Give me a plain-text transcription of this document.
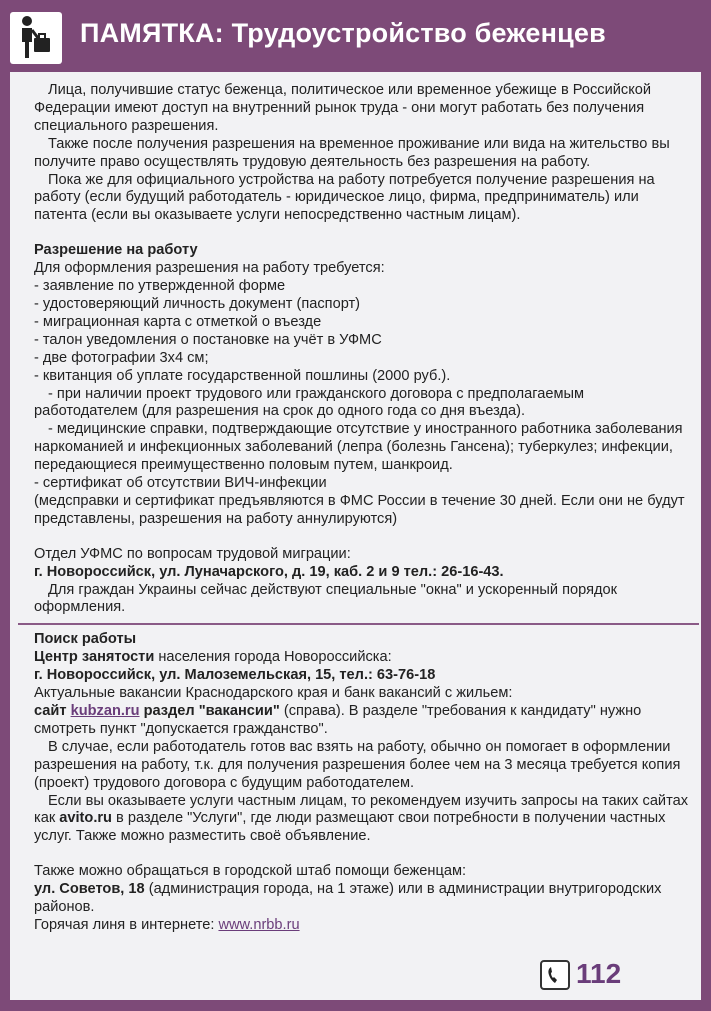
ПАМЯТКА: Трудоустройство беженцев

Лица, получившие статус беженца, политическое или временное убежище в Российской Федерации имеют доступ на внутренний рынок труда - они могут работать без получения специального разрешения.

Также после получения разрешения на временное проживание или вида на жительство вы получите право осуществлять трудовую деятельность без разрешения на работу.

Пока же для официального устройства на работу потребуется получение разрешения на работу (если будущий работодатель - юридическое лицо, фирма, предприниматель) или патента (если вы оказываете услуги непосредственно частным лицам).

Разрешение на работу

Для оформления разрешения на работу требуется:

- заявление по утвержденной форме

- удостоверяющий личность документ (паспорт)

- миграционная карта с отметкой о въезде

- талон уведомления о постановке на учёт в УФМС

- две фотографии 3х4 см;

- квитанция об уплате государственной пошлины (2000 руб.).

- при наличии проект трудового или гражданского договора с предполагаемым работодателем (для разрешения на срок до одного года со дня въезда).

- медицинские справки, подтверждающие отсутствие у иностранного работника заболевания наркоманией и инфекционных заболеваний (лепра (болезнь Гансена); туберкулез; инфекции, передающиеся преимущественно половым путем, шанкроид.

- сертификат об отсутствии ВИЧ-инфекции

(медсправки и сертификат предъявляются в ФМС России в течение 30 дней. Если они не будут представлены, разрешения на работу аннулируются)

Отдел УФМС по вопросам трудовой миграции:

г. Новороссийск, ул. Луначарского, д. 19, каб. 2 и 9 тел.: 26-16-43.

Для граждан Украины сейчас действуют специальные "окна" и ускоренный порядок оформления.

Поиск работы

Центр занятости населения города Новороссийска:

г. Новороссийск, ул. Малоземельская, 15, тел.: 63-76-18

Актуальные вакансии Краснодарского края и банк вакансий с жильем:

сайт kubzan.ru раздел "вакансии" (справа). В разделе "требования к кандидату" нужно смотреть пункт "допускается гражданство".

В случае, если работодатель готов вас взять на работу, обычно он помогает в оформлении разрешения на работу, т.к. для получения разрешения более чем на 3 месяца требуется копия (проект) трудового договора с будущим работодателем.

Если вы оказываете услуги частным лицам, то рекомендуем изучить запросы на таких сайтах как avito.ru в разделе "Услуги", где люди размещают свои потребности в получении частных услуг. Также можно разместить своё объявление.

Также можно обращаться в городской штаб помощи беженцам:

ул. Советов, 18 (администрация города, на 1 этаже) или в администрации внутригородских районов.

Горячая линя в интернете: www.nrbb.ru

112
